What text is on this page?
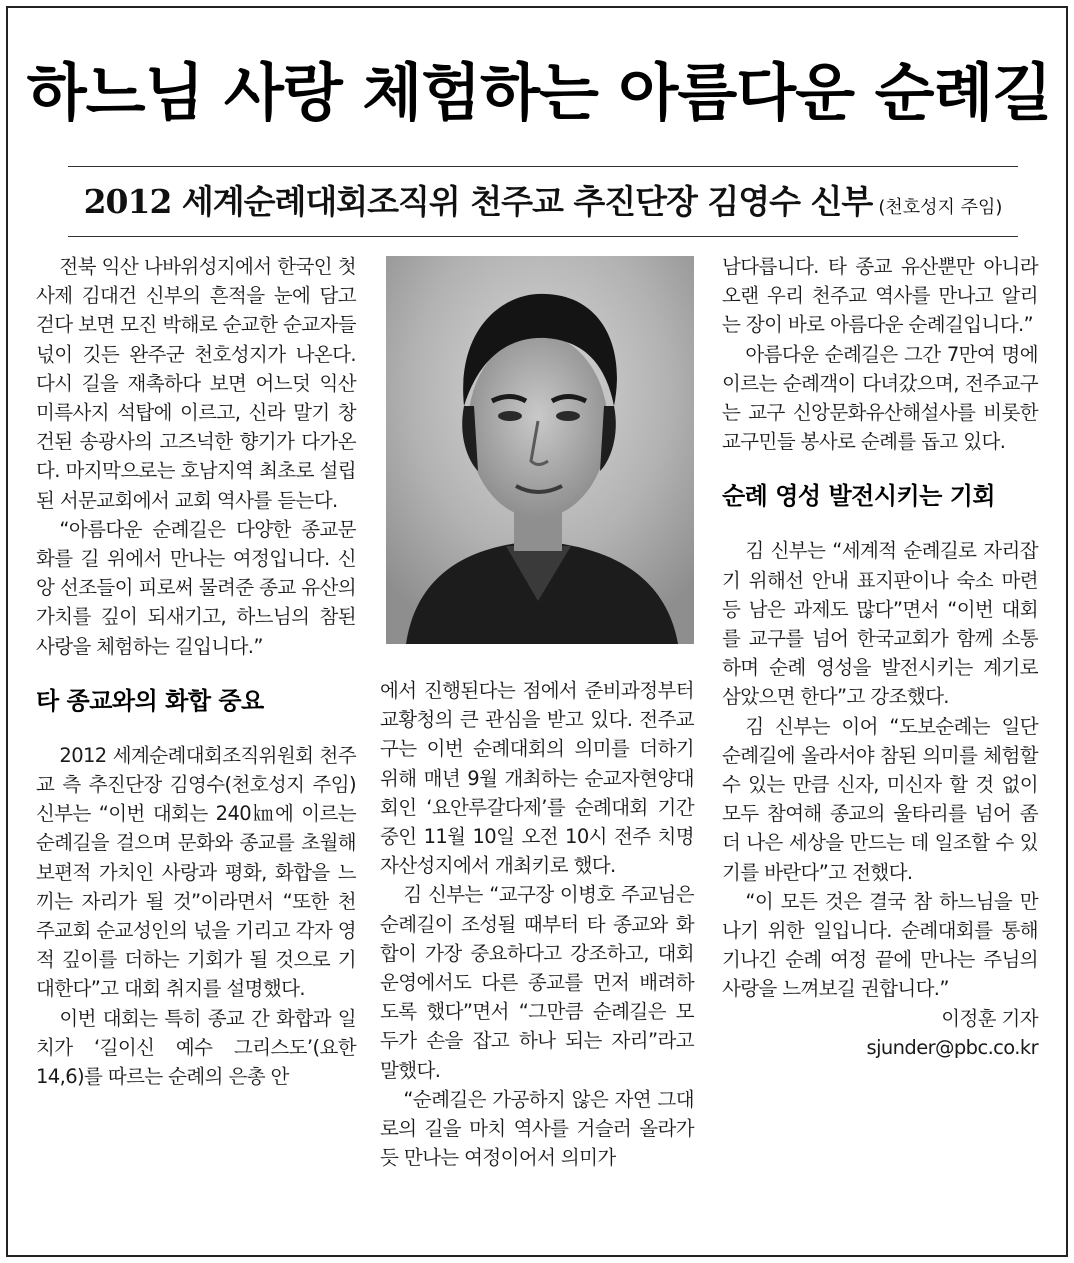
하느님 사랑 체험하는 아름다운 순례길
2012 세계순례대회조직위 천주교 추진단장 김영수 신부 (천호성지 주임)

전북 익산 나바위성지에서 한국인 첫 사제 김대건 신부의 흔적을 눈에 담고 걷다 보면 모진 박해로 순교한 순교자들 넋이 깃든 완주군 천호성지가 나온다. 다시 길을 재촉하다 보면 어느덧 익산 미륵사지 석탑에 이르고, 신라 말기 창건된 송광사의 고즈넉한 향기가 다가온다. 마지막으로는 호남지역 최초로 설립된 서문교회에서 교회 역사를 듣는다.

“아름다운 순례길은 다양한 종교문화를 길 위에서 만나는 여정입니다. 신앙 선조들이 피로써 물려준 종교 유산의 가치를 깊이 되새기고, 하느님의 참된 사랑을 체험하는 길입니다.”

타 종교와의 화합 중요

2012 세계순례대회조직위원회 천주교 측 추진단장 김영수(천호성지 주임) 신부는 “이번 대회는 240㎞에 이르는 순례길을 걸으며 문화와 종교를 초월해 보편적 가치인 사랑과 평화, 화합을 느끼는 자리가 될 것”이라면서 “또한 천주교회 순교성인의 넋을 기리고 각자 영적 깊이를 더하는 기회가 될 것으로 기대한다”고 대회 취지를 설명했다.

이번 대회는 특히 종교 간 화합과 일치가 ‘길이신 예수 그리스도’(요한 14,6)를 따르는 순례의 은총 안

에서 진행된다는 점에서 준비과정부터 교황청의 큰 관심을 받고 있다. 전주교구는 이번 순례대회의 의미를 더하기 위해 매년 9월 개최하는 순교자현양대회인 ‘요안루갈다제’를 순례대회 기간 중인 11월 10일 오전 10시 전주 치명자산성지에서 개최키로 했다.

김 신부는 “교구장 이병호 주교님은 순례길이 조성될 때부터 타 종교와 화합이 가장 중요하다고 강조하고, 대회 운영에서도 다른 종교를 먼저 배려하도록 했다”면서 “그만큼 순례길은 모두가 손을 잡고 하나 되는 자리”라고 말했다.

“순례길은 가공하지 않은 자연 그대로의 길을 마치 역사를 거슬러 올라가듯 만나는 여정이어서 의미가

남다릅니다. 타 종교 유산뿐만 아니라 오랜 우리 천주교 역사를 만나고 알리는 장이 바로 아름다운 순례길입니다.”

아름다운 순례길은 그간 7만여 명에 이르는 순례객이 다녀갔으며, 전주교구는 교구 신앙문화유산해설사를 비롯한 교구민들 봉사로 순례를 돕고 있다.

순례 영성 발전시키는 기회

김 신부는 “세계적 순례길로 자리잡기 위해선 안내 표지판이나 숙소 마련 등 남은 과제도 많다”면서 “이번 대회를 교구를 넘어 한국교회가 함께 소통하며 순례 영성을 발전시키는 계기로 삼았으면 한다”고 강조했다.

김 신부는 이어 “도보순례는 일단 순례길에 올라서야 참된 의미를 체험할 수 있는 만큼 신자, 미신자 할 것 없이 모두 참여해 종교의 울타리를 넘어 좀 더 나은 세상을 만드는 데 일조할 수 있기를 바란다”고 전했다.

“이 모든 것은 결국 참 하느님을 만나기 위한 일입니다. 순례대회를 통해 기나긴 순례 여정 끝에 만나는 주님의 사랑을 느껴보길 권합니다.”

이정훈 기자

sjunder@pbc.co.kr
